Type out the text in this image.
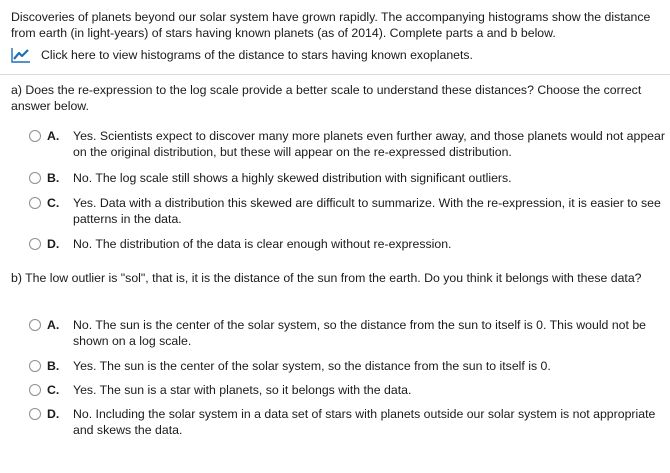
Discoveries of planets beyond our solar system have grown rapidly. The accompanying histograms show the distance from earth (in light-years) of stars having known planets (as of 2014). Complete parts a and b below.
Click here to view histograms of the distance to stars having known exoplanets.
a) Does the re-expression to the log scale provide a better scale to understand these distances? Choose the correct answer below.
A.	Yes. Scientists expect to discover many more planets even further away, and those planets would not appear on the original distribution, but these will appear on the re-expressed distribution.
B.	No. The log scale still shows a highly skewed distribution with significant outliers.
C.	Yes. Data with a distribution this skewed are difficult to summarize. With the re-expression, it is easier to see patterns in the data.
D.	No. The distribution of the data is clear enough without re-expression.
b) The low outlier is "sol", that is, it is the distance of the sun from the earth. Do you think it belongs with these data?
A.	No. The sun is the center of the solar system, so the distance from the sun to itself is 0. This would not be shown on a log scale.
B.	Yes. The sun is the center of the solar system, so the distance from the sun to itself is 0.
C.	Yes. The sun is a star with planets, so it belongs with the data.
D.	No. Including the solar system in a data set of stars with planets outside our solar system is not appropriate and skews the data.
